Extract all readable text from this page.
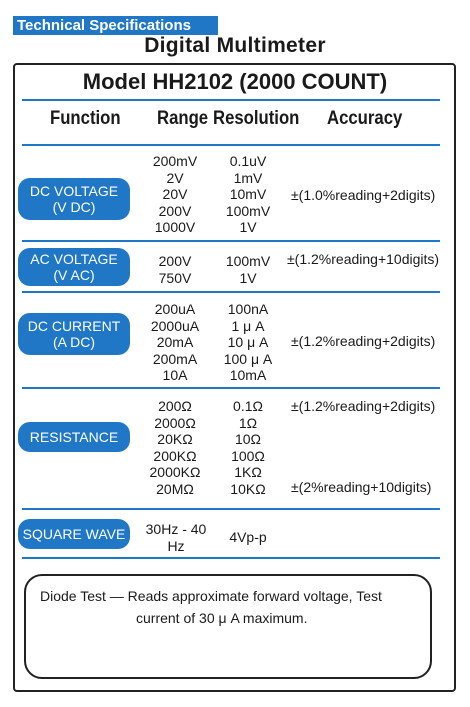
Technical Specifications
Digital Multimeter
Model HH2102 (2000 COUNT)
Function Range Resolution Accuracy
DC VOLTAGE
(V DC)
200mV
2V
20V
200V
1000V
0.1uV
1mV
10mV
100mV
1V
±(1.0%reading+2digits)
AC VOLTAGE
(V AC)
200V
750V
100mV
1V
±(1.2%reading+10digits)
DC CURRENT
(A DC)
200uA
2000uA
20mA
200mA
10A
100nA
1 μ A
10 μ A
100 μ A
10mA
±(1.2%reading+2digits)
RESISTANCE
200Ω
2000Ω
20KΩ
200KΩ
2000KΩ
20MΩ
0.1Ω
1Ω
10Ω
100Ω
1KΩ
10KΩ
±(1.2%reading+2digits)
±(2%reading+10digits)
SQUARE WAVE	30Hz - 40
Hz
4Vp-p
Diode Test — Reads approximate forward voltage, Test
current of 30 μ A maximum.
